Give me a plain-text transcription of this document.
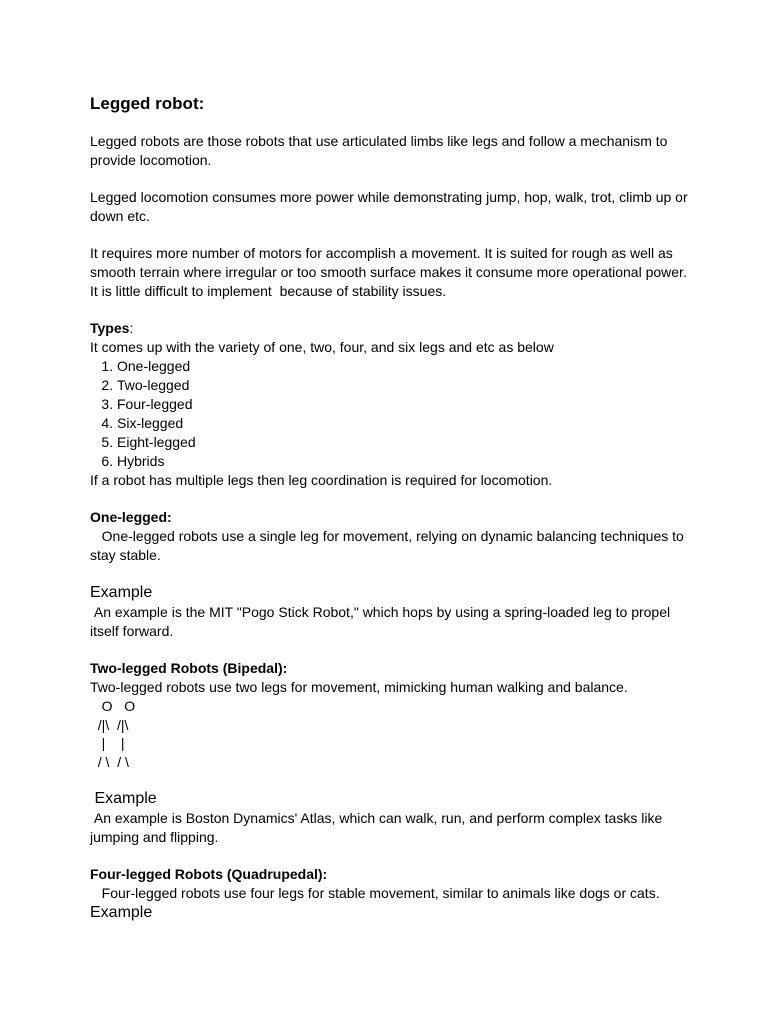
Legged robot:
Legged robots are those robots that use articulated limbs like legs and follow a mechanism to provide locomotion.
Legged locomotion consumes more power while demonstrating jump, hop, walk, trot, climb up or down etc.
It requires more number of motors for accomplish a movement. It is suited for rough as well as smooth terrain where irregular or too smooth surface makes it consume more operational power. It is little difficult to implement  because of stability issues.
Types:
It comes up with the variety of one, two, four, and six legs and etc as below
1. One-legged
2. Two-legged
3. Four-legged
4. Six-legged
5. Eight-legged
6. Hybrids
If a robot has multiple legs then leg coordination is required for locomotion.
One-legged:
One-legged robots use a single leg for movement, relying on dynamic balancing techniques to stay stable.
Example
An example is the MIT "Pogo Stick Robot," which hops by using a spring-loaded leg to propel itself forward.
Two-legged Robots (Bipedal):
Two-legged robots use two legs for movement, mimicking human walking and balance.
O   O
/|\  /|\
|    |
/ \  / \
Example
An example is Boston Dynamics' Atlas, which can walk, run, and perform complex tasks like jumping and flipping.
Four-legged Robots (Quadrupedal):
Four-legged robots use four legs for stable movement, similar to animals like dogs or cats.
Example
